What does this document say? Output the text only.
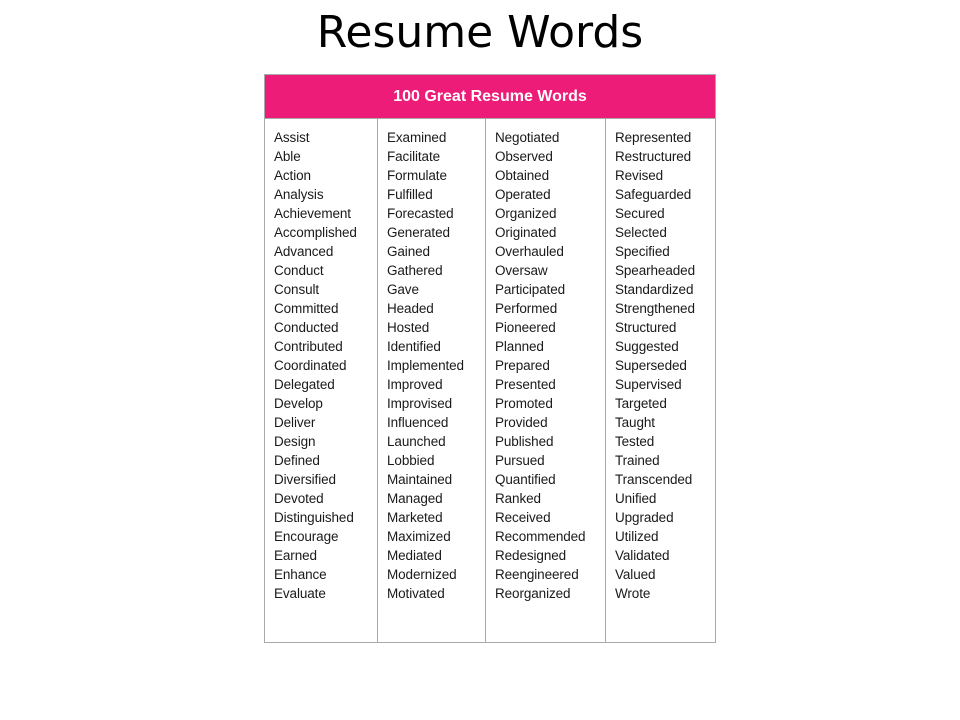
Resume Words
100 Great Resume Words
Assist
Able
Action
Analysis
Achievement
Accomplished
Advanced
Conduct
Consult
Committed
Conducted
Contributed
Coordinated
Delegated
Develop
Deliver
Design
Defined
Diversified
Devoted
Distinguished
Encourage
Earned
Enhance
Evaluate
Examined
Facilitate
Formulate
Fulfilled
Forecasted
Generated
Gained
Gathered
Gave
Headed
Hosted
Identified
Implemented
Improved
Improvised
Influenced
Launched
Lobbied
Maintained
Managed
Marketed
Maximized
Mediated
Modernized
Motivated
Negotiated
Observed
Obtained
Operated
Organized
Originated
Overhauled
Oversaw
Participated
Performed
Pioneered
Planned
Prepared
Presented
Promoted
Provided
Published
Pursued
Quantified
Ranked
Received
Recommended
Redesigned
Reengineered
Reorganized
Represented
Restructured
Revised
Safeguarded
Secured
Selected
Specified
Spearheaded
Standardized
Strengthened
Structured
Suggested
Superseded
Supervised
Targeted
Taught
Tested
Trained
Transcended
Unified
Upgraded
Utilized
Validated
Valued
Wrote
